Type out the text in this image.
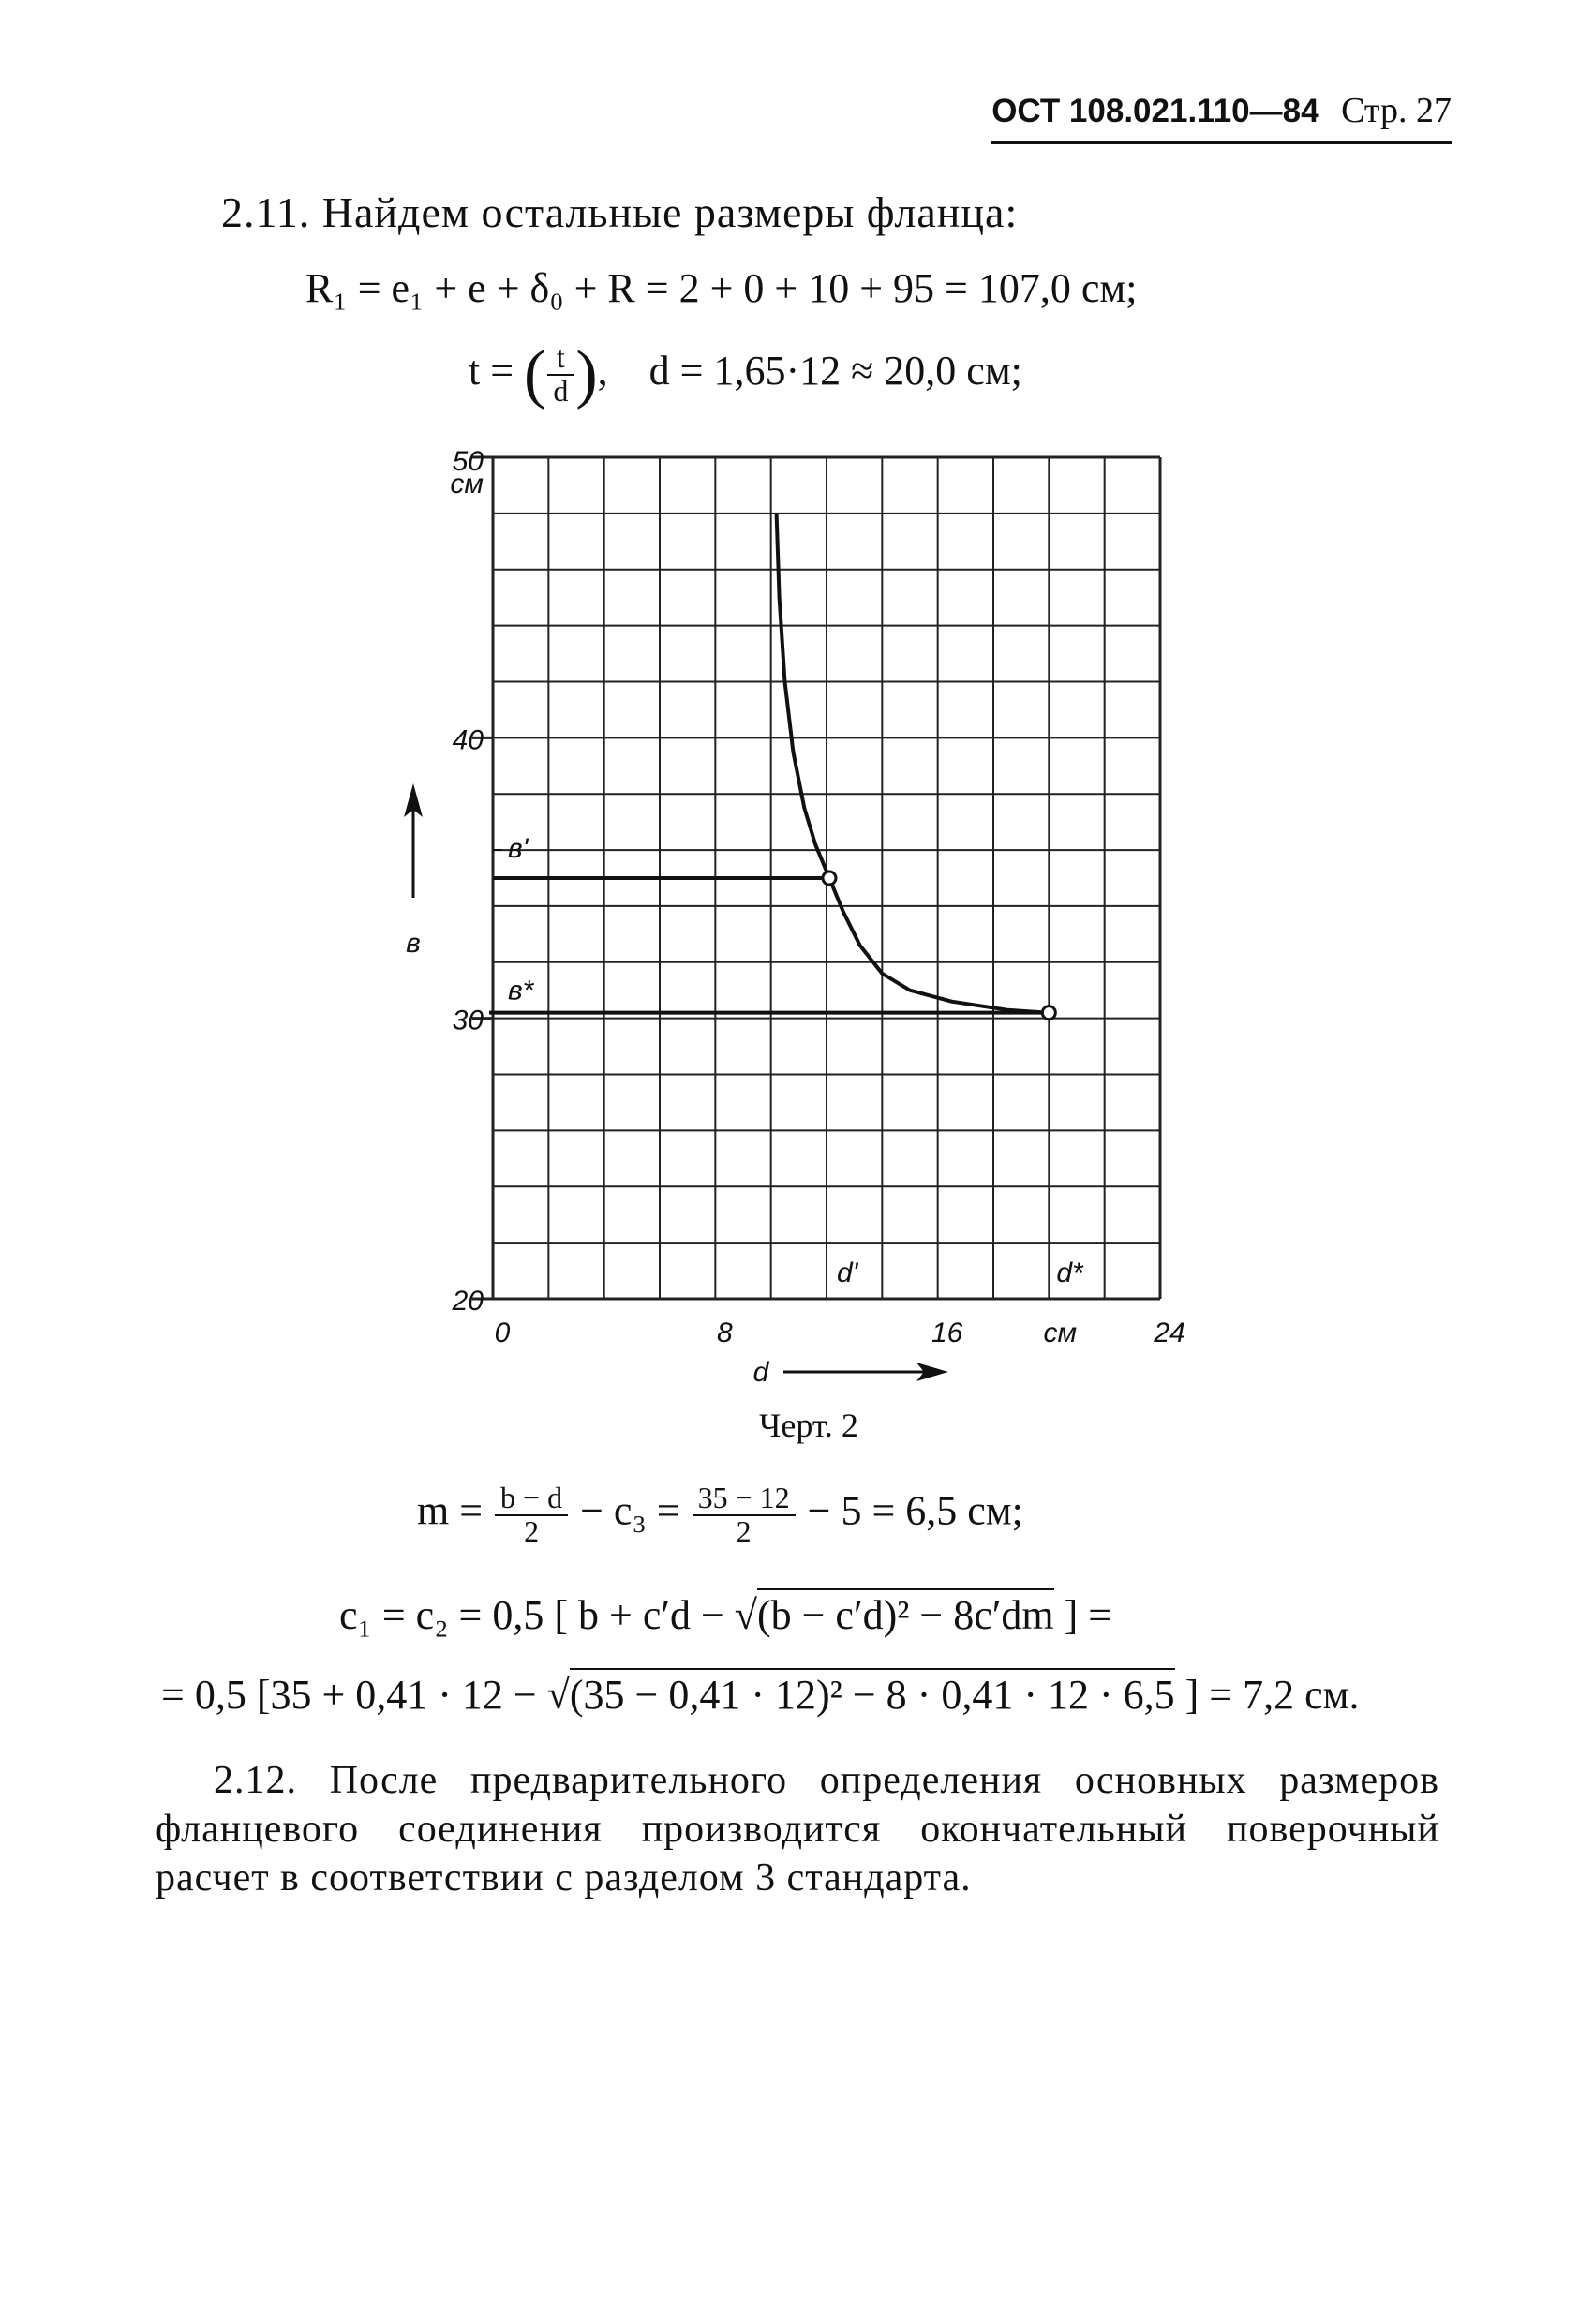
ОСТ 108.021.110—84 Стр. 27
2.11. Найдем остальные размеры фланца:
R₁ = e₁ + e + δ₀ + R = 2 + 0 + 10 + 95 = 107,0 см;
t = ( $\frac{t}{d}$ ),    d = 1,65·12 ≈ 20,0 см;
20
30
40
50
см
0	8	16	см	24
d
в
в'
в*
d'	d*
Черт. 2
$m = \frac{b - d}{2} - c_3 = \frac{35 - 12}{2} - 5 = 6,5$ см;
c₁ = c₂ = 0,5 [ b + c′d − √(b − c′d)² − 8c′dm ] =
= 0,5 [35 + 0,41 · 12 − √(35 − 0,41 · 12)² − 8 · 0,41 · 12 · 6,5 ] = 7,2 см.
2.12. После предварительного определения основных размеров фланцевого соединения производится окончательный поверочный расчет в соответствии с разделом 3 стандарта.
